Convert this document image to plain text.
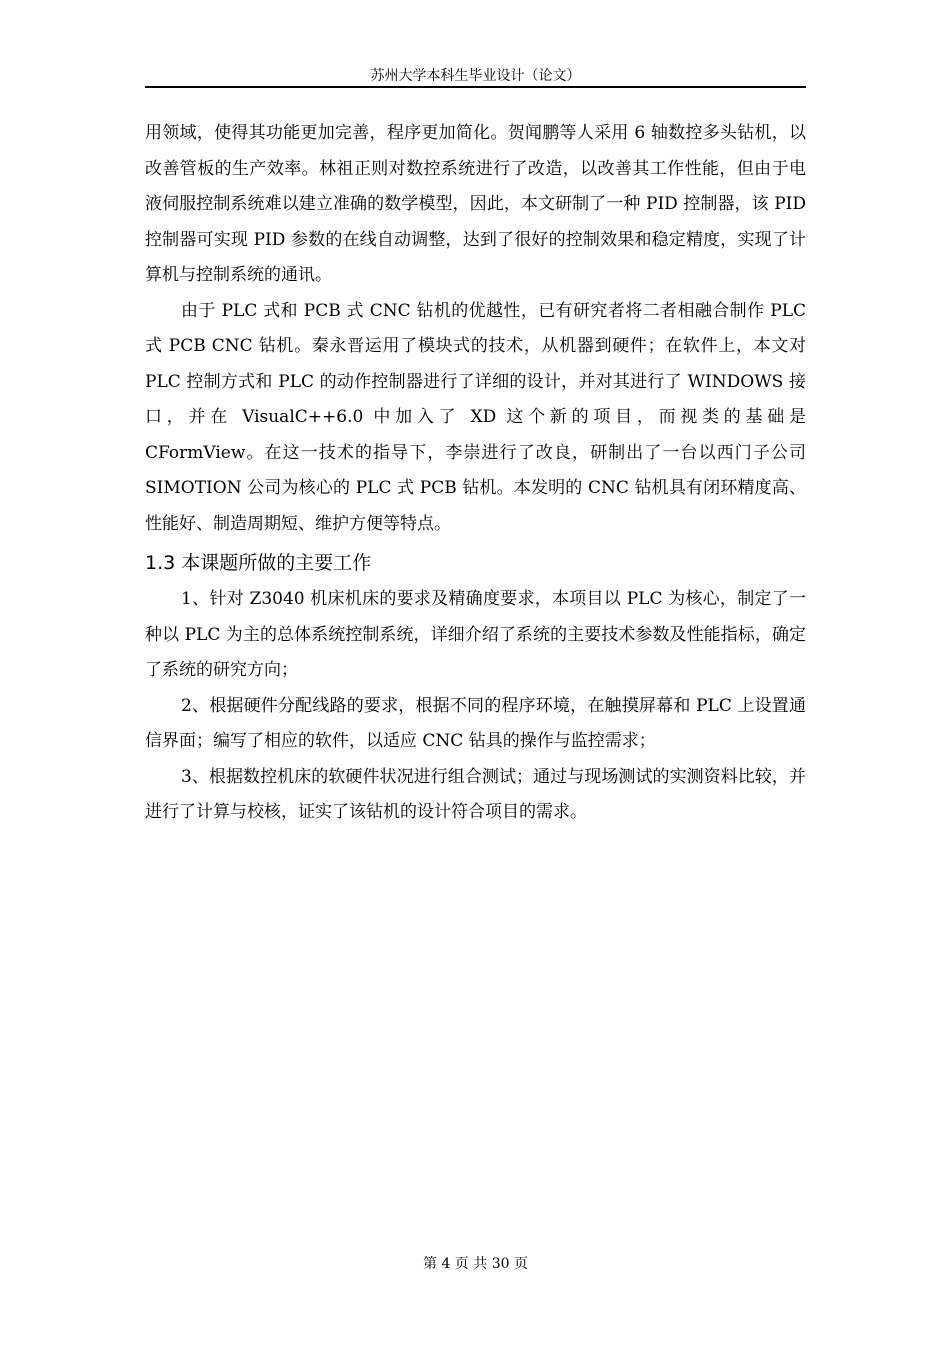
苏州大学本科生毕业设计（论文）

用领域，使得其功能更加完善，程序更加简化。贺闻鹏等人采用 6 轴数控多头钻机，以改善管板的生产效率。林祖正则对数控系统进行了改造，以改善其工作性能，但由于电液伺服控制系统难以建立准确的数学模型，因此，本文研制了一种 PID 控制器，该 PID 控制器可实现 PID 参数的在线自动调整，达到了很好的控制效果和稳定精度，实现了计算机与控制系统的通讯。

由于 PLC 式和 PCB 式 CNC 钻机的优越性，已有研究者将二者相融合制作 PLC 式 PCB CNC 钻机。秦永晋运用了模块式的技术，从机器到硬件；在软件上，本文对 PLC 控制方式和 PLC 的动作控制器进行了详细的设计，并对其进行了 WINDOWS 接口，并在 VisualC++6.0 中加入了 XD 这个新的项目，而视类的基础是 CFormView。在这一技术的指导下，李崇进行了改良，研制出了一台以西门子公司 SIMOTION 公司为核心的 PLC 式 PCB 钻机。本发明的 CNC 钻机具有闭环精度高、性能好、制造周期短、维护方便等特点。

1.3 本课题所做的主要工作

1、针对 Z3040 机床机床的要求及精确度要求，本项目以 PLC 为核心，制定了一种以 PLC 为主的总体系统控制系统，详细介绍了系统的主要技术参数及性能指标，确定了系统的研究方向；

2、根据硬件分配线路的要求，根据不同的程序环境，在触摸屏幕和 PLC 上设置通信界面；编写了相应的软件，以适应 CNC 钻具的操作与监控需求；

3、根据数控机床的软硬件状况进行组合测试；通过与现场测试的实测资料比较，并进行了计算与校核，证实了该钻机的设计符合项目的需求。

第 4 页 共 30 页
